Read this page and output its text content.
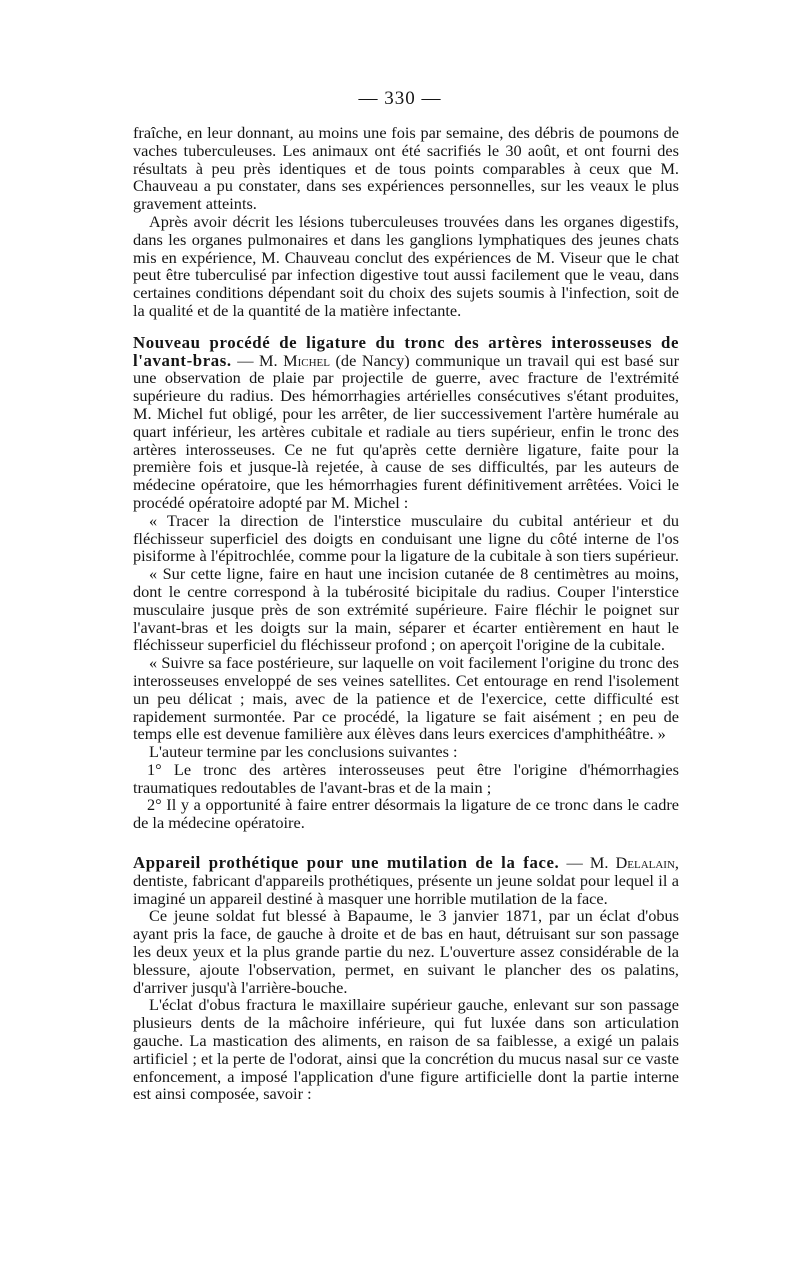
— 330 —

fraîche, en leur donnant, au moins une fois par semaine, des débris de poumons de vaches tuberculeuses. Les animaux ont été sacrifiés le 30 août, et ont fourni des résultats à peu près identiques et de tous points comparables à ceux que M. Chauveau a pu constater, dans ses expériences personnelles, sur les veaux le plus gravement atteints.

Après avoir décrit les lésions tuberculeuses trouvées dans les organes digestifs, dans les organes pulmonaires et dans les ganglions lymphatiques des jeunes chats mis en expérience, M. Chauveau conclut des expériences de M. Viseur que le chat peut être tuberculisé par infection digestive tout aussi facilement que le veau, dans certaines conditions dépendant soit du choix des sujets soumis à l'infection, soit de la qualité et de la quantité de la matière infectante.

Nouveau procédé de ligature du tronc des artères interosseuses de l'avant-bras. — M. Michel (de Nancy) communique un travail qui est basé sur une observation de plaie par projectile de guerre, avec fracture de l'extrémité supérieure du radius. Des hémorrhagies artérielles consécutives s'étant produites, M. Michel fut obligé, pour les arrêter, de lier successivement l'artère humérale au quart inférieur, les artères cubitale et radiale au tiers supérieur, enfin le tronc des artères interosseuses. Ce ne fut qu'après cette dernière ligature, faite pour la première fois et jusque-là rejetée, à cause de ses difficultés, par les auteurs de médecine opératoire, que les hémorrhagies furent définitivement arrêtées. Voici le procédé opératoire adopté par M. Michel :

« Tracer la direction de l'interstice musculaire du cubital antérieur et du fléchisseur superficiel des doigts en conduisant une ligne du côté interne de l'os pisiforme à l'épitrochlée, comme pour la ligature de la cubitale à son tiers supérieur.

« Sur cette ligne, faire en haut une incision cutanée de 8 centimètres au moins, dont le centre correspond à la tubérosité bicipitale du radius. Couper l'interstice musculaire jusque près de son extrémité supérieure. Faire fléchir le poignet sur l'avant-bras et les doigts sur la main, séparer et écarter entièrement en haut le fléchisseur superficiel du fléchisseur profond ; on aperçoit l'origine de la cubitale.

« Suivre sa face postérieure, sur laquelle on voit facilement l'origine du tronc des interosseuses enveloppé de ses veines satellites. Cet entourage en rend l'isolement un peu délicat ; mais, avec de la patience et de l'exercice, cette difficulté est rapidement surmontée. Par ce procédé, la ligature se fait aisément ; en peu de temps elle est devenue familière aux élèves dans leurs exercices d'amphithéâtre. »

L'auteur termine par les conclusions suivantes :

1° Le tronc des artères interosseuses peut être l'origine d'hémorrhagies traumatiques redoutables de l'avant-bras et de la main ;

2° Il y a opportunité à faire entrer désormais la ligature de ce tronc dans le cadre de la médecine opératoire.

Appareil prothétique pour une mutilation de la face. — M. Delalain, dentiste, fabricant d'appareils prothétiques, présente un jeune soldat pour lequel il a imaginé un appareil destiné à masquer une horrible mutilation de la face.

Ce jeune soldat fut blessé à Bapaume, le 3 janvier 1871, par un éclat d'obus ayant pris la face, de gauche à droite et de bas en haut, détruisant sur son passage les deux yeux et la plus grande partie du nez. L'ouverture assez considérable de la blessure, ajoute l'observation, permet, en suivant le plancher des os palatins, d'arriver jusqu'à l'arrière-bouche.

L'éclat d'obus fractura le maxillaire supérieur gauche, enlevant sur son passage plusieurs dents de la mâchoire inférieure, qui fut luxée dans son articulation gauche. La mastication des aliments, en raison de sa faiblesse, a exigé un palais artificiel ; et la perte de l'odorat, ainsi que la concrétion du mucus nasal sur ce vaste enfoncement, a imposé l'application d'une figure artificielle dont la partie interne est ainsi composée, savoir :
